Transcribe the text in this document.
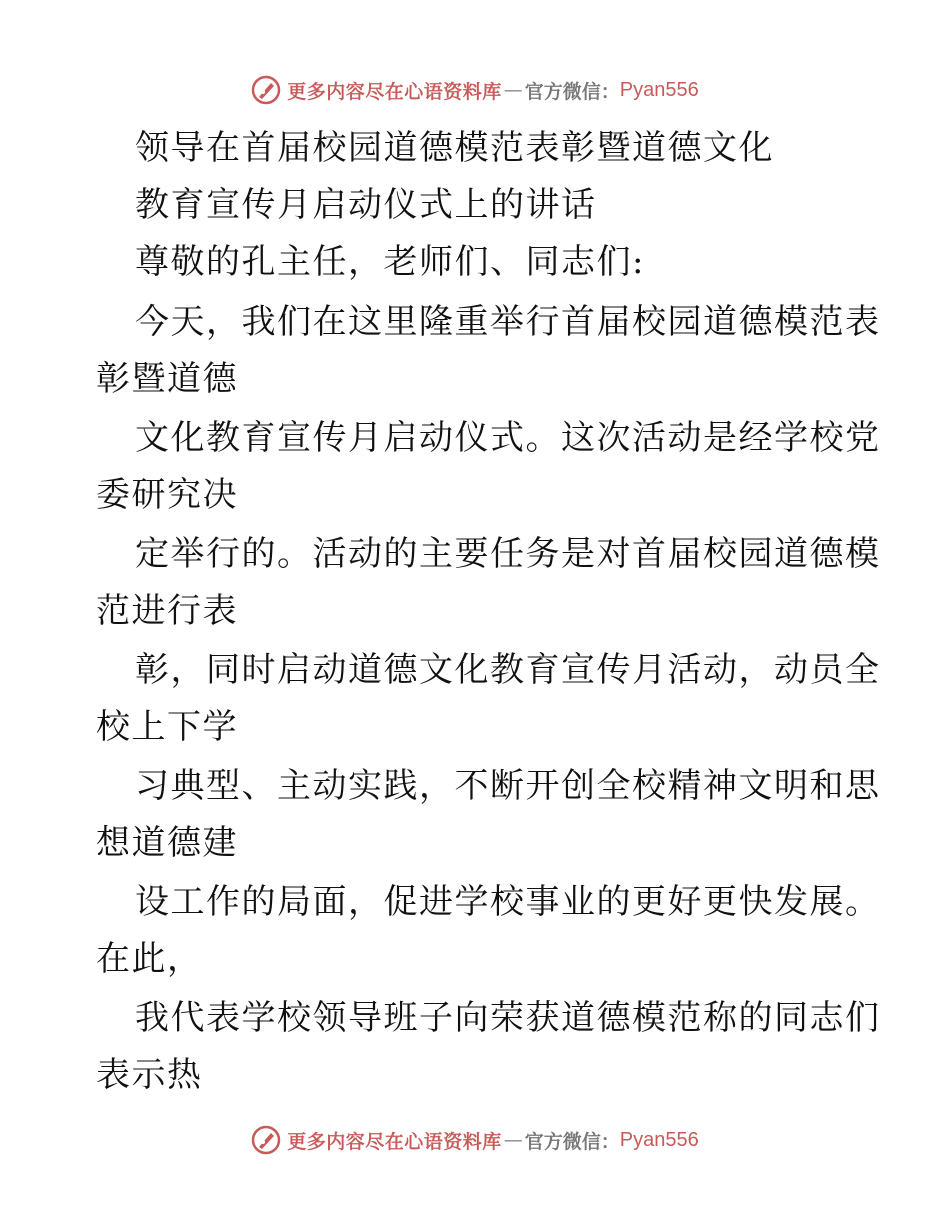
更多内容尽在心语资料库 — 官方微信： Pyan556
领导在首届校园道德模范表彰暨道德文化
教育宣传月启动仪式上的讲话
尊敬的孔主任，老师们、同志们:
今天，我们在这里隆重举行首届校园道德模范表
彰暨道德
文化教育宣传月启动仪式。这次活动是经学校党
委研究决
定举行的。活动的主要任务是对首届校园道德模
范进行表
彰，同时启动道德文化教育宣传月活动，动员全
校上下学
习典型、主动实践，不断开创全校精神文明和思
想道德建
设工作的局面，促进学校事业的更好更快发展。
在此，
我代表学校领导班子向荣获道德模范称的同志们
表示热
更多内容尽在心语资料库 — 官方微信： Pyan556
